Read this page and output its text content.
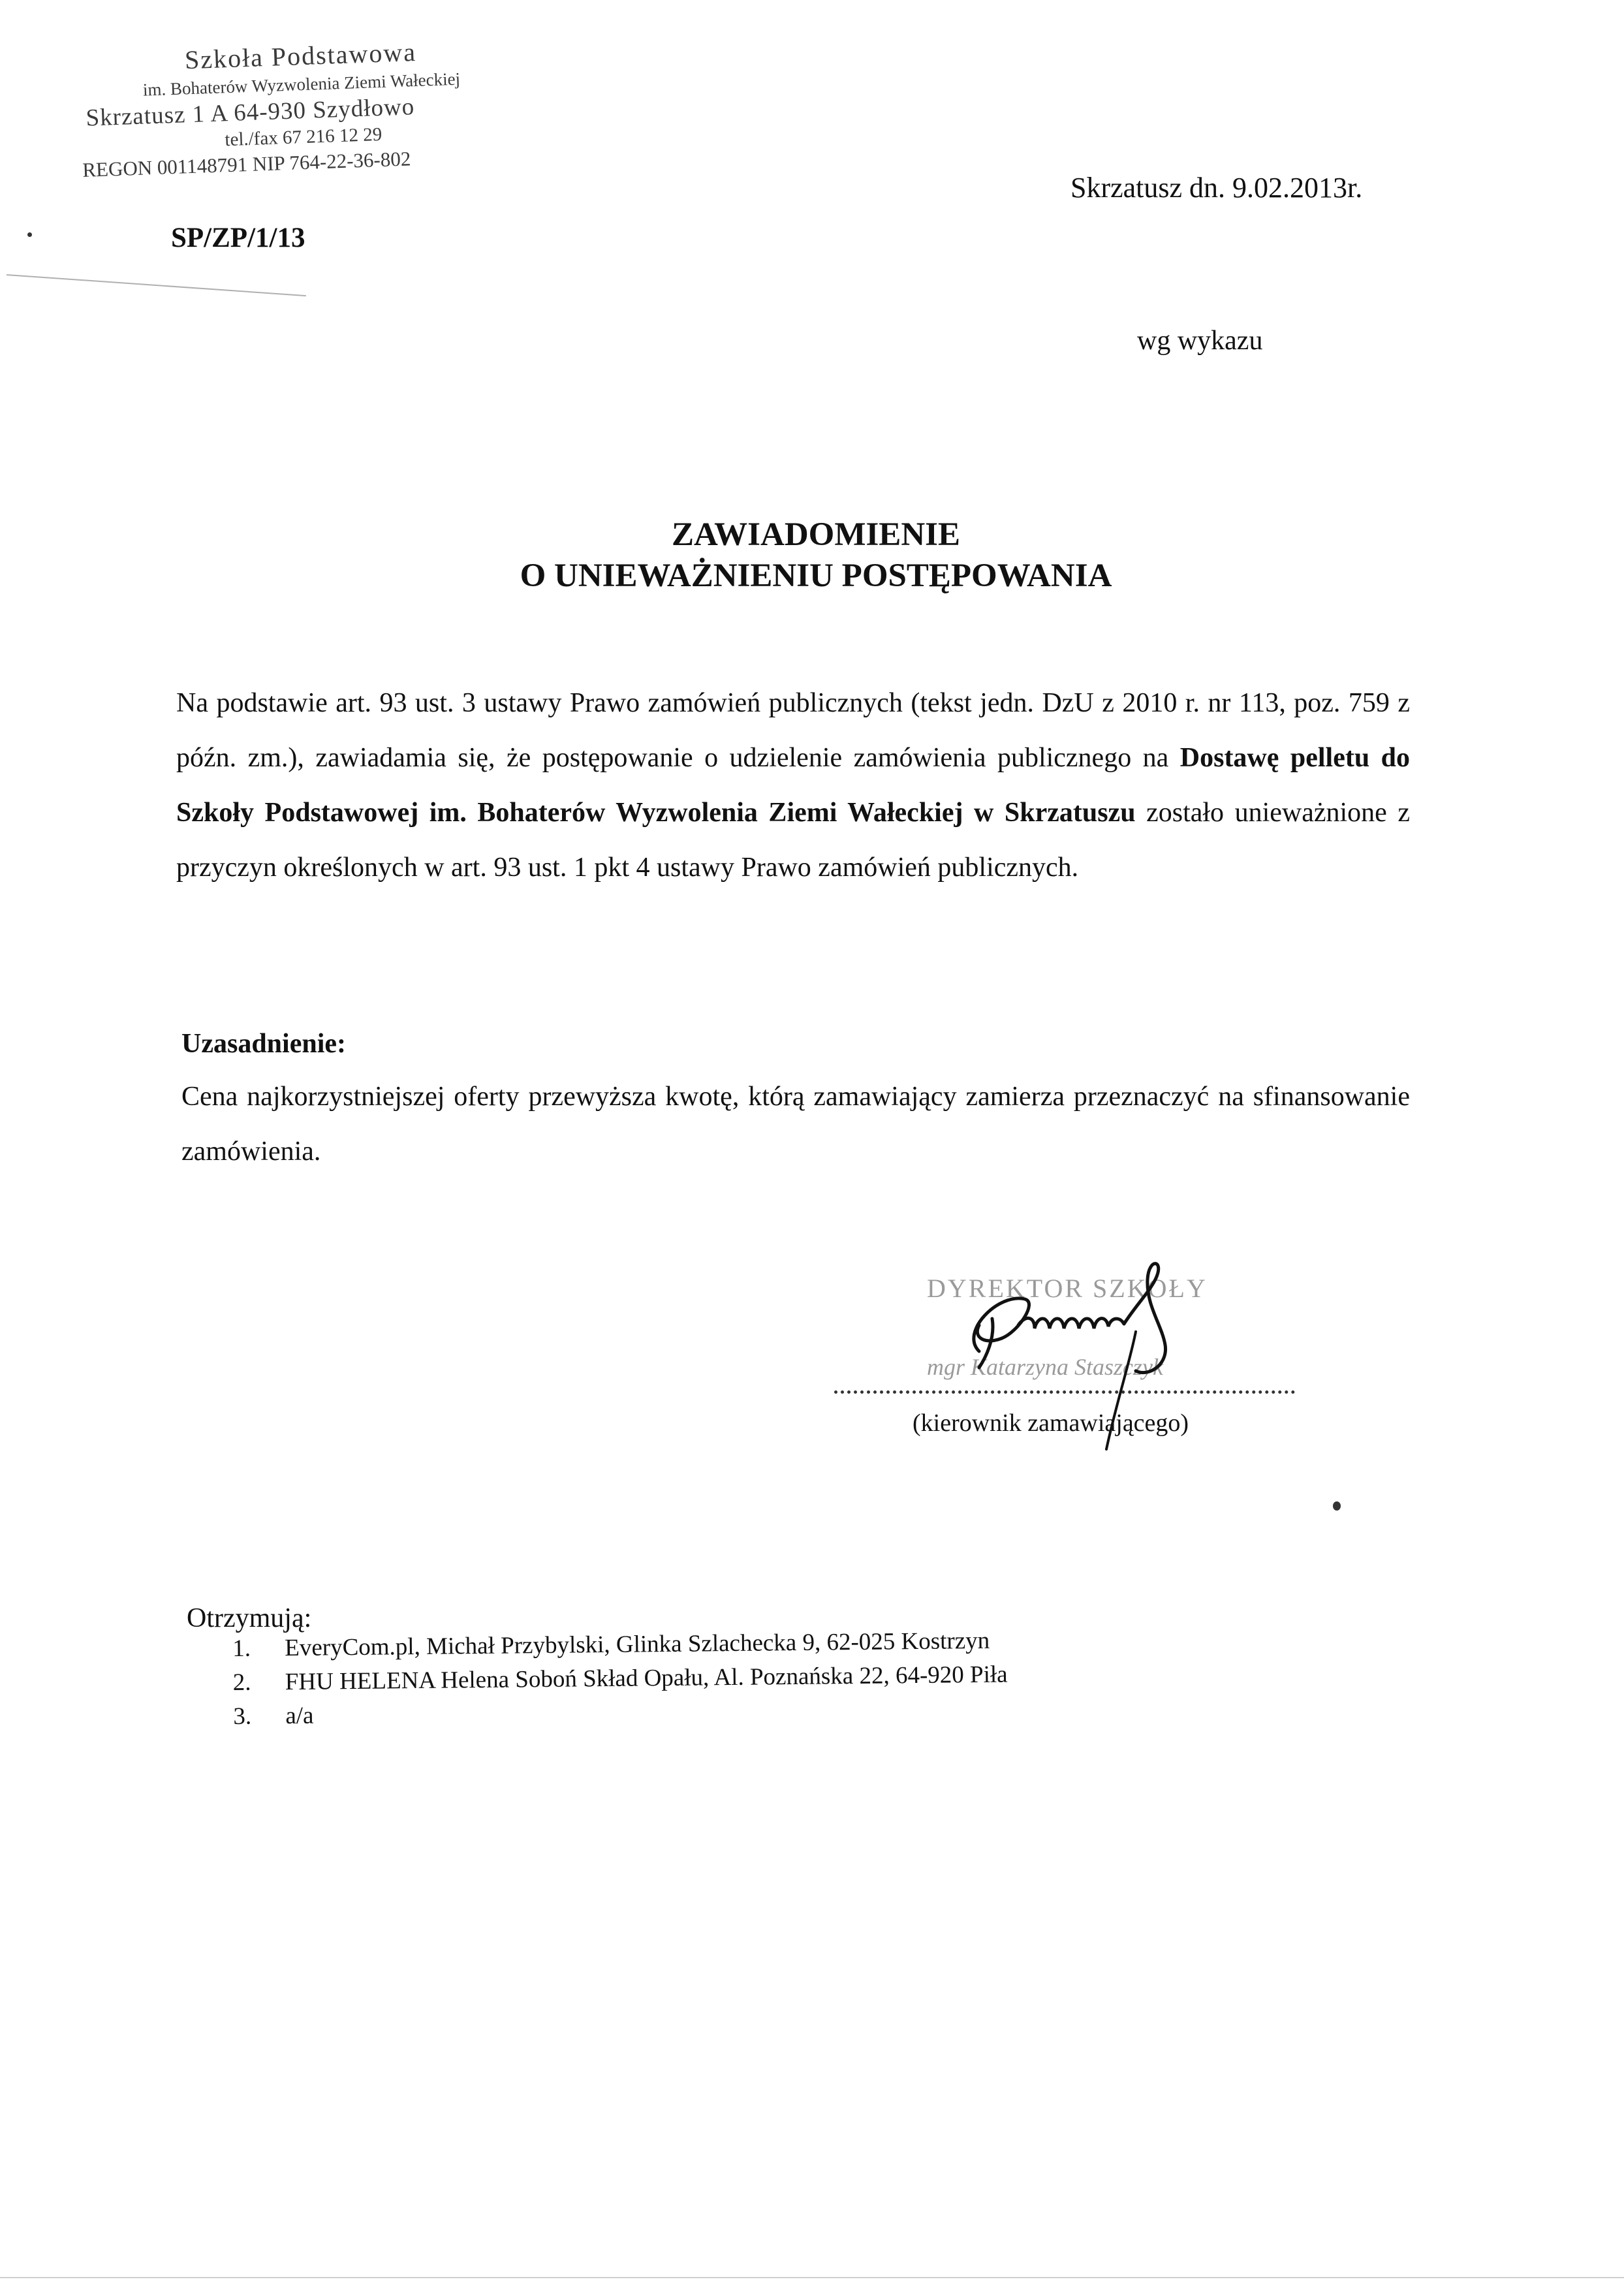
Szkoła Podstawowa
im. Bohaterów Wyzwolenia Ziemi Wałeckiej
Skrzatusz 1 A 64-930 Szydłowo
tel./fax 67 216 12 29
REGON 001148791 NIP 764-22-36-802
SP/ZP/1/13
Skrzatusz dn. 9.02.2013r.
wg wykazu
ZAWIADOMIENIE
O UNIEWAŻNIENIU POSTĘPOWANIA
Na podstawie art. 93 ust. 3 ustawy Prawo zamówień publicznych (tekst jedn. DzU z 2010 r. nr 113, poz. 759 z późn. zm.), zawiadamia się, że postępowanie o udzielenie zamówienia publicznego na Dostawę pelletu do Szkoły Podstawowej im. Bohaterów Wyzwolenia Ziemi Wałeckiej w Skrzatuszu zostało unieważnione z przyczyn określonych w art. 93 ust. 1 pkt 4 ustawy Prawo zamówień publicznych.
Uzasadnienie:
Cena najkorzystniejszej oferty przewyższa kwotę, którą zamawiający zamierza przeznaczyć na sfinansowanie zamówienia.
DYREKTOR SZKOŁY
mgr Katarzyna Staszczyk
(kierownik zamawiającego)
Otrzymują:
1. EveryCom.pl, Michał Przybylski, Glinka Szlachecka 9, 62-025 Kostrzyn
2. FHU HELENA Helena Soboń Skład Opału, Al. Poznańska 22, 64-920 Piła
3. a/a
